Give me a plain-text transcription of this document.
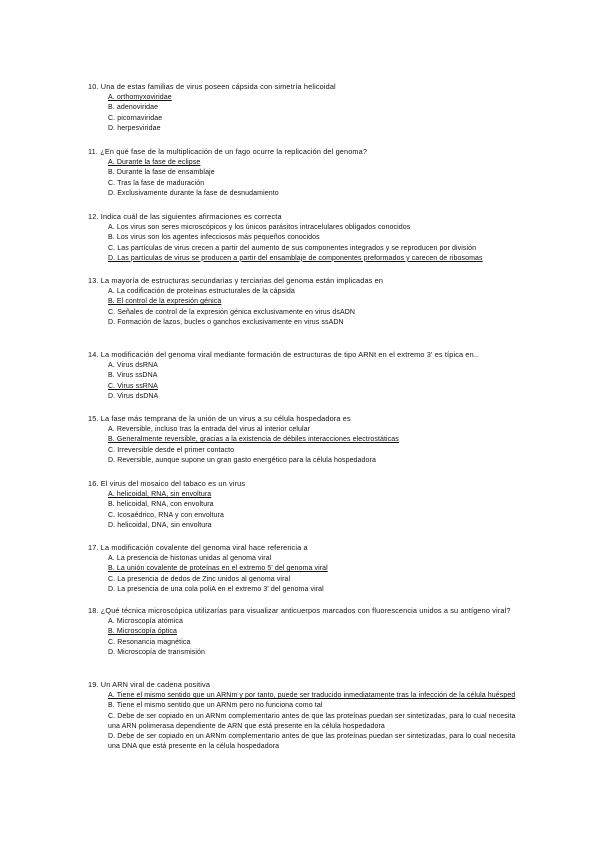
10. Una de estas familias de virus poseen cápsida con simetría helicoidal
A. orthomyxoviridae
B. adenoviridae
C. picornaviridae
D. herpesviridae
11. ¿En qué fase de la multiplicación de un fago ocurre la replicación del genoma?
A. Durante la fase de eclipse
B. Durante la fase de ensamblaje
C. Tras la fase de maduración
D. Exclusivamente durante la fase de desnudamiento
12. Indica cuál de las siguientes afirmaciones es correcta
A. Los virus son seres microscópicos y los únicos parásitos intracelulares obligados conocidos
B. Los virus son los agentes infecciosos más pequeños conocidos
C. Las partículas de virus crecen a partir del aumento de sus componentes integrados y se reproducen por división
D. Las partículas de virus se producen a partir del ensamblaje de componentes preformados y carecen de ribosomas
13. La mayoría de estructuras secundarias y terciarias del genoma están implicadas en
A. La codificación de proteínas estructurales de la cápsida
B. El control de la expresión génica
C. Señales de control de la expresión génica exclusivamente en virus dsADN
D. Formación de lazos, bucles o ganchos exclusivamente en virus ssADN
14. La modificación del genoma viral mediante formación de estructuras de tipo ARNt en el extremo 3' es típica en..
A. Virus dsRNA
B. Virus ssDNA
C. Virus ssRNA
D. Virus dsDNA
15. La fase más temprana de la unión de un virus a su célula hospedadora es
A. Reversible, incluso tras la entrada del virus al interior celular
B. Generalmente reversible, gracias a la existencia de débiles interacciones electrostáticas
C. Irreversible desde el primer contacto
D. Reversible, aunque supone un gran gasto energético para la célula hospedadora
16. El virus del mosaico del tabaco es un virus
A. helicoidal, RNA, sin envoltura
B. helicoidal, RNA, con envoltura
C. Icosaédrico, RNA y con envoltura
D. helicoidal, DNA, sin envoltura
17. La modificación covalente del genoma viral hace referencia a
A. La presencia de histonas unidas al genoma viral
B. La unión covalente de proteínas en el extremo 5' del genoma viral
C. La presencia de dedos de Zinc unidos al genoma viral
D. La presencia de una cola poliA en el extremo 3' del genoma viral
18. ¿Qué técnica microscópica utilizarías para visualizar anticuerpos marcados con fluorescencia unidos a su antígeno viral?
A. Microscopía atómica
B. Microscopía óptica
C. Resonancia magnética
D. Microscopía de transmisión
19. Un ARN viral de cadena positiva
A. Tiene el mismo sentido que un ARNm y por tanto, puede ser traducido inmediatamente tras la infección de la célula huésped
B. Tiene el mismo sentido que un ARNm pero no funciona como tal
C. Debe de ser copiado en un ARNm complementario antes de que las proteínas puedan ser sintetizadas, para lo cual necesita una ARN polimerasa dependiente de ARN que está presente en la célula hospedadora
D. Debe de ser copiado en un ARNm complementario antes de que las proteínas puedan ser sintetizadas, para lo cual necesita una DNA que está presente en la célula hospedadora
